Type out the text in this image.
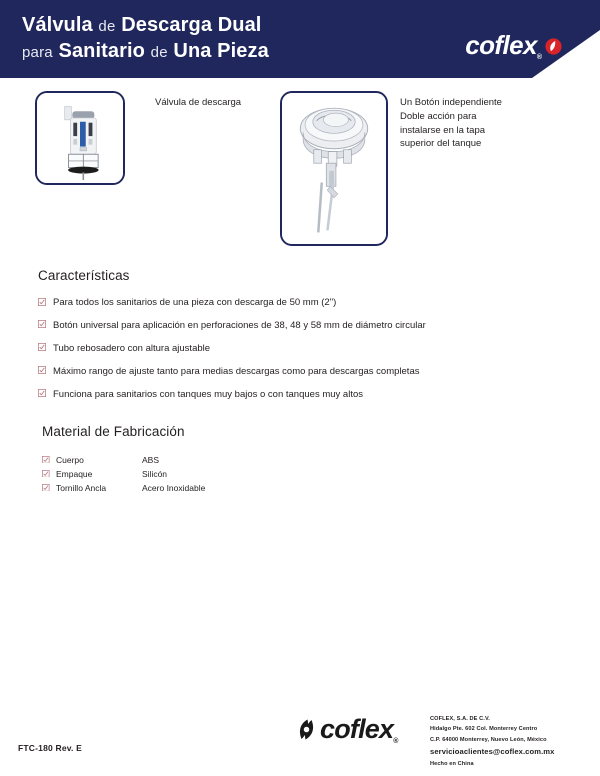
Válvula de Descarga Dual
para Sanitario de Una Pieza	coflex®
Válvula de descarga	Un Botón independiente
Doble acción para
instalarse en la tapa
superior del tanque
Características
Para todos los sanitarios de una pieza con descarga de 50 mm (2")
Botón universal para aplicación en perforaciones de 38, 48 y 58 mm de diámetro circular
Tubo rebosadero con altura ajustable
Máximo rango de ajuste tanto para medias descargas como para descargas completas
Funciona para sanitarios con tanques muy bajos o con tanques muy altos
Material de Fabricación
	Cuerpo	ABS
	Empaque	Silicón
	Tornillo Ancla	Acero Inoxidable
FTC-180 Rev. E
coflex®
COFLEX, S.A. DE C.V.
Hidalgo Pte. 602 Col. Monterrey Centro
C.P. 64000 Monterrey, Nuevo León, México
servicioaclientes@coflex.com.mx
Hecho en China
